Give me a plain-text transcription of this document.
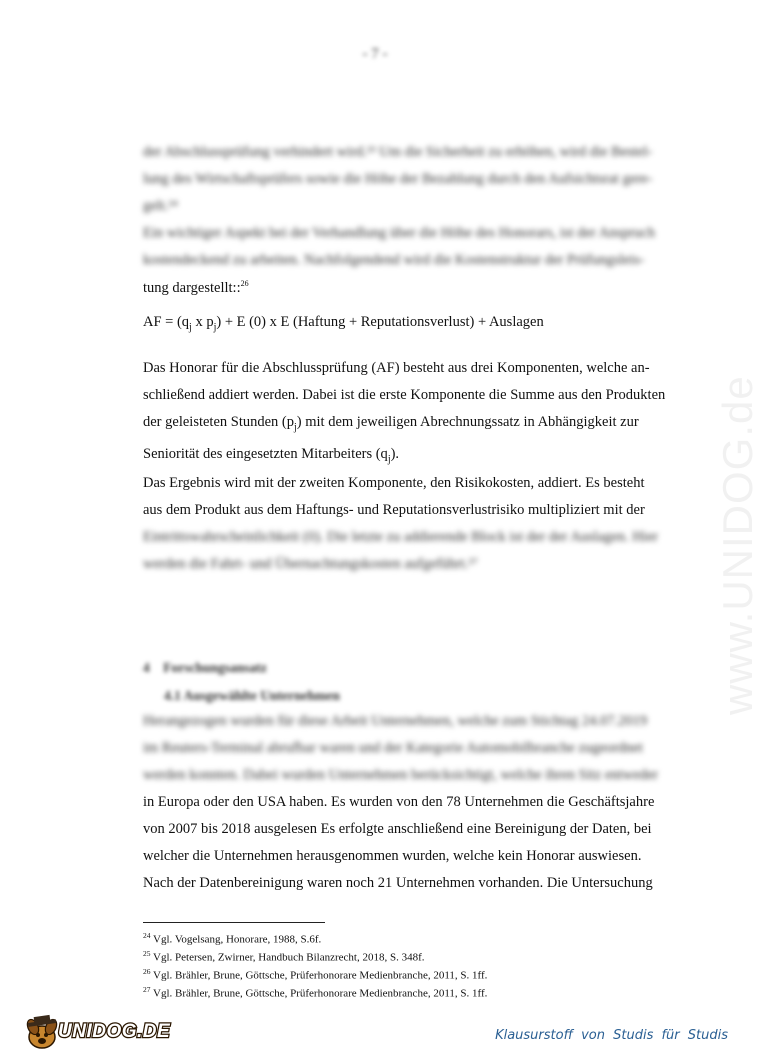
- 7 -
der Abschlussprüfung verhindert wird.²³ Um die Sicherheit zu erhöhen, wird die Bestel-
lung des Wirtschaftsprüfers sowie die Höhe der Bezahlung durch den Aufsichtsrat gere-
gelt.²⁴
Ein wichtiger Aspekt bei der Verhandlung über die Höhe des Honorars, ist der Anspruch
kostendeckend zu arbeiten. Nachfolgendend wird die Kostenstruktur der Prüfungsleis-
tung dargestellt::$^{26}$
AF = ($q_j$ x $p_j) + E$ (0) x E (Haftung + Reputationsverlust) + Auslagen
Das Honorar für die Abschlussprüfung (AF) besteht aus drei Komponenten, welche an-
schließend addiert werden. Dabei ist die erste Komponente die Summe aus den Produkten
der geleisteten Stunden $(p_j)$ mit dem jeweiligen Abrechnungssatz in Abhängigkeit zur
Seniorität des eingesetzten Mitarbeiters $(q_j)$.
Das Ergebnis wird mit der zweiten Komponente, den Risikokosten, addiert. Es besteht
aus dem Produkt aus dem Haftungs- und Reputationsverlustrisiko multipliziert mit der
Eintrittswahrscheinlichkeit (0). Die letzte zu addierende Block ist der der Auslagen. Hier
werden die Fahrt- und Übernachtungskosten aufgeführt.²⁷
4 Forschungsansatz
4.1 Ausgewählte Unternehmen
Herangezogen wurden für diese Arbeit Unternehmen, welche zum Stichtag 24.07.2019
im Reuters-Terminal abrufbar waren und der Kategorie Automobilbranche zugeordnet
werden konnten. Dabei wurden Unternehmen berücksichtigt, welche ihren Sitz entweder
in Europa oder den USA haben. Es wurden von den 78 Unternehmen die Geschäftsjahre
von 2007 bis 2018 ausgelesen Es erfolgte anschließend eine Bereinigung der Daten, bei
welcher die Unternehmen herausgenommen wurden, welche kein Honorar auswiesen.
Nach der Datenbereinigung waren noch 21 Unternehmen vorhanden. Die Untersuchung
$^{24}$ Vgl. Vogelsang, Honorare, 1988, S.6f.
$^{25}$ Vgl. Petersen, Zwirner, Handbuch Bilanzrecht, 2018, S. 348f.
$^{26}$ Vgl. Brähler, Brune, Göttsche, Prüferhonorare Medienbranche, 2011, S. 1ff.
$^{27}$ Vgl. Brähler, Brune, Göttsche, Prüferhonorare Medienbranche, 2011, S. 1ff.
www.UNIDOG.de
UNIDOG.DE	Klausurstoff von Studis für Studis
